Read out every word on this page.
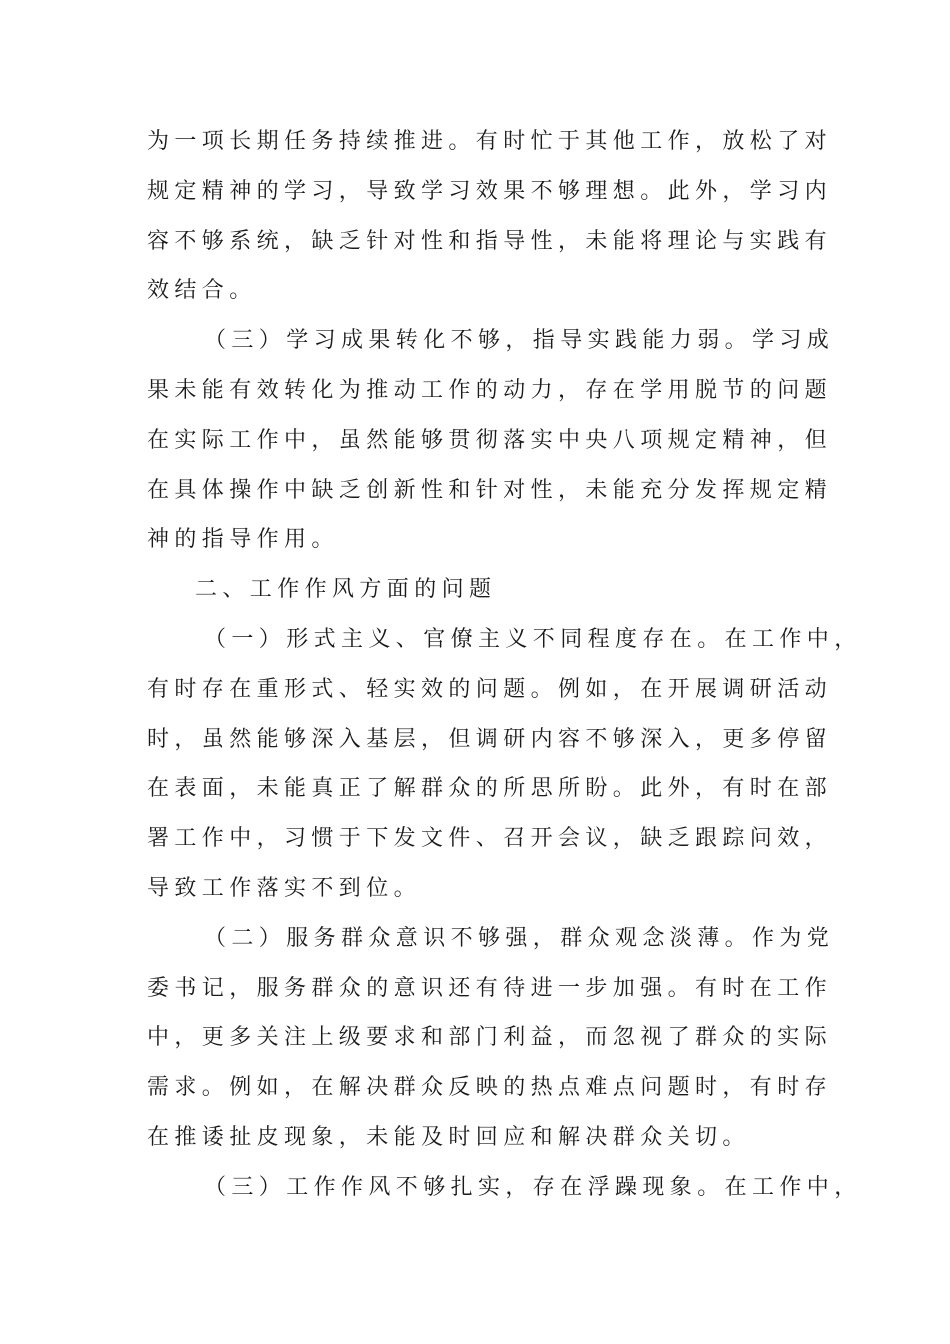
为一项长期任务持续推进。有时忙于其他工作，放松了对
规定精神的学习，导致学习效果不够理想。此外，学习内
容不够系统，缺乏针对性和指导性，未能将理论与实践有
效结合。
（三）学习成果转化不够，指导实践能力弱。学习成
果未能有效转化为推动工作的动力，存在学用脱节的问题
在实际工作中，虽然能够贯彻落实中央八项规定精神，但
在具体操作中缺乏创新性和针对性，未能充分发挥规定精
神的指导作用。
二、工作作风方面的问题
（一）形式主义、官僚主义不同程度存在。在工作中，
有时存在重形式、轻实效的问题。例如，在开展调研活动
时，虽然能够深入基层，但调研内容不够深入，更多停留
在表面，未能真正了解群众的所思所盼。此外，有时在部
署工作中，习惯于下发文件、召开会议，缺乏跟踪问效，
导致工作落实不到位。
（二）服务群众意识不够强，群众观念淡薄。作为党
委书记，服务群众的意识还有待进一步加强。有时在工作
中，更多关注上级要求和部门利益，而忽视了群众的实际
需求。例如，在解决群众反映的热点难点问题时，有时存
在推诿扯皮现象，未能及时回应和解决群众关切。
（三）工作作风不够扎实，存在浮躁现象。在工作中，
